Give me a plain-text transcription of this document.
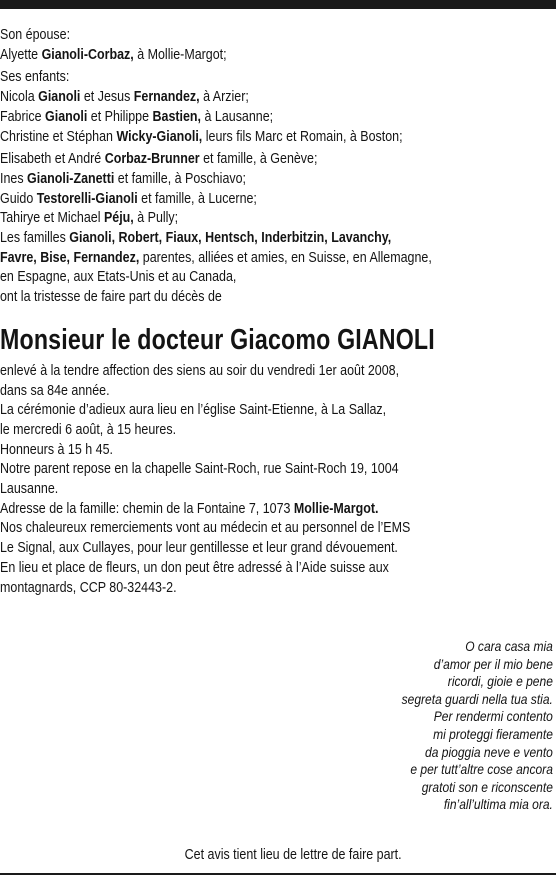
Son épouse:
Alyette Gianoli-Corbaz, à Mollie-Margot;
Ses enfants:
Nicola Gianoli et Jesus Fernandez, à Arzier;
Fabrice Gianoli et Philippe Bastien, à Lausanne;
Christine et Stéphan Wicky-Gianoli, leurs fils Marc et Romain, à Boston;
Elisabeth et André Corbaz-Brunner et famille, à Genève;
Ines Gianoli-Zanetti et famille, à Poschiavo;
Guido Testorelli-Gianoli et famille, à Lucerne;
Tahirye et Michael Péju, à Pully;
Les familles Gianoli, Robert, Fiaux, Hentsch, Inderbitzin, Lavanchy,
Favre, Bise, Fernandez, parentes, alliées et amies, en Suisse, en Allemagne,
en Espagne, aux Etats-Unis et au Canada,
ont la tristesse de faire part du décès de
Monsieur le docteur Giacomo GIANOLI
enlevé à la tendre affection des siens au soir du vendredi 1er août 2008,
dans sa 84e année.
La cérémonie d’adieux aura lieu en l’église Saint-Etienne, à La Sallaz,
le mercredi 6 août, à 15 heures.
Honneurs à 15 h 45.
Notre parent repose en la chapelle Saint-Roch, rue Saint-Roch 19, 1004
Lausanne.
Adresse de la famille: chemin de la Fontaine 7, 1073 Mollie-Margot.
Nos chaleureux remerciements vont au médecin et au personnel de l’EMS
Le Signal, aux Cullayes, pour leur gentillesse et leur grand dévouement.
En lieu et place de fleurs, un don peut être adressé à l’Aide suisse aux
montagnards, CCP 80-32443-2.
O cara casa mia
d’amor per il mio bene
ricordi, gioie e pene
segreta guardi nella tua stia.
Per rendermi contento
mi proteggi fieramente
da pioggia neve e vento
e per tutt’altre cose ancora
gratoti son e riconscente
fin’all’ultima mia ora.
Cet avis tient lieu de lettre de faire part.
